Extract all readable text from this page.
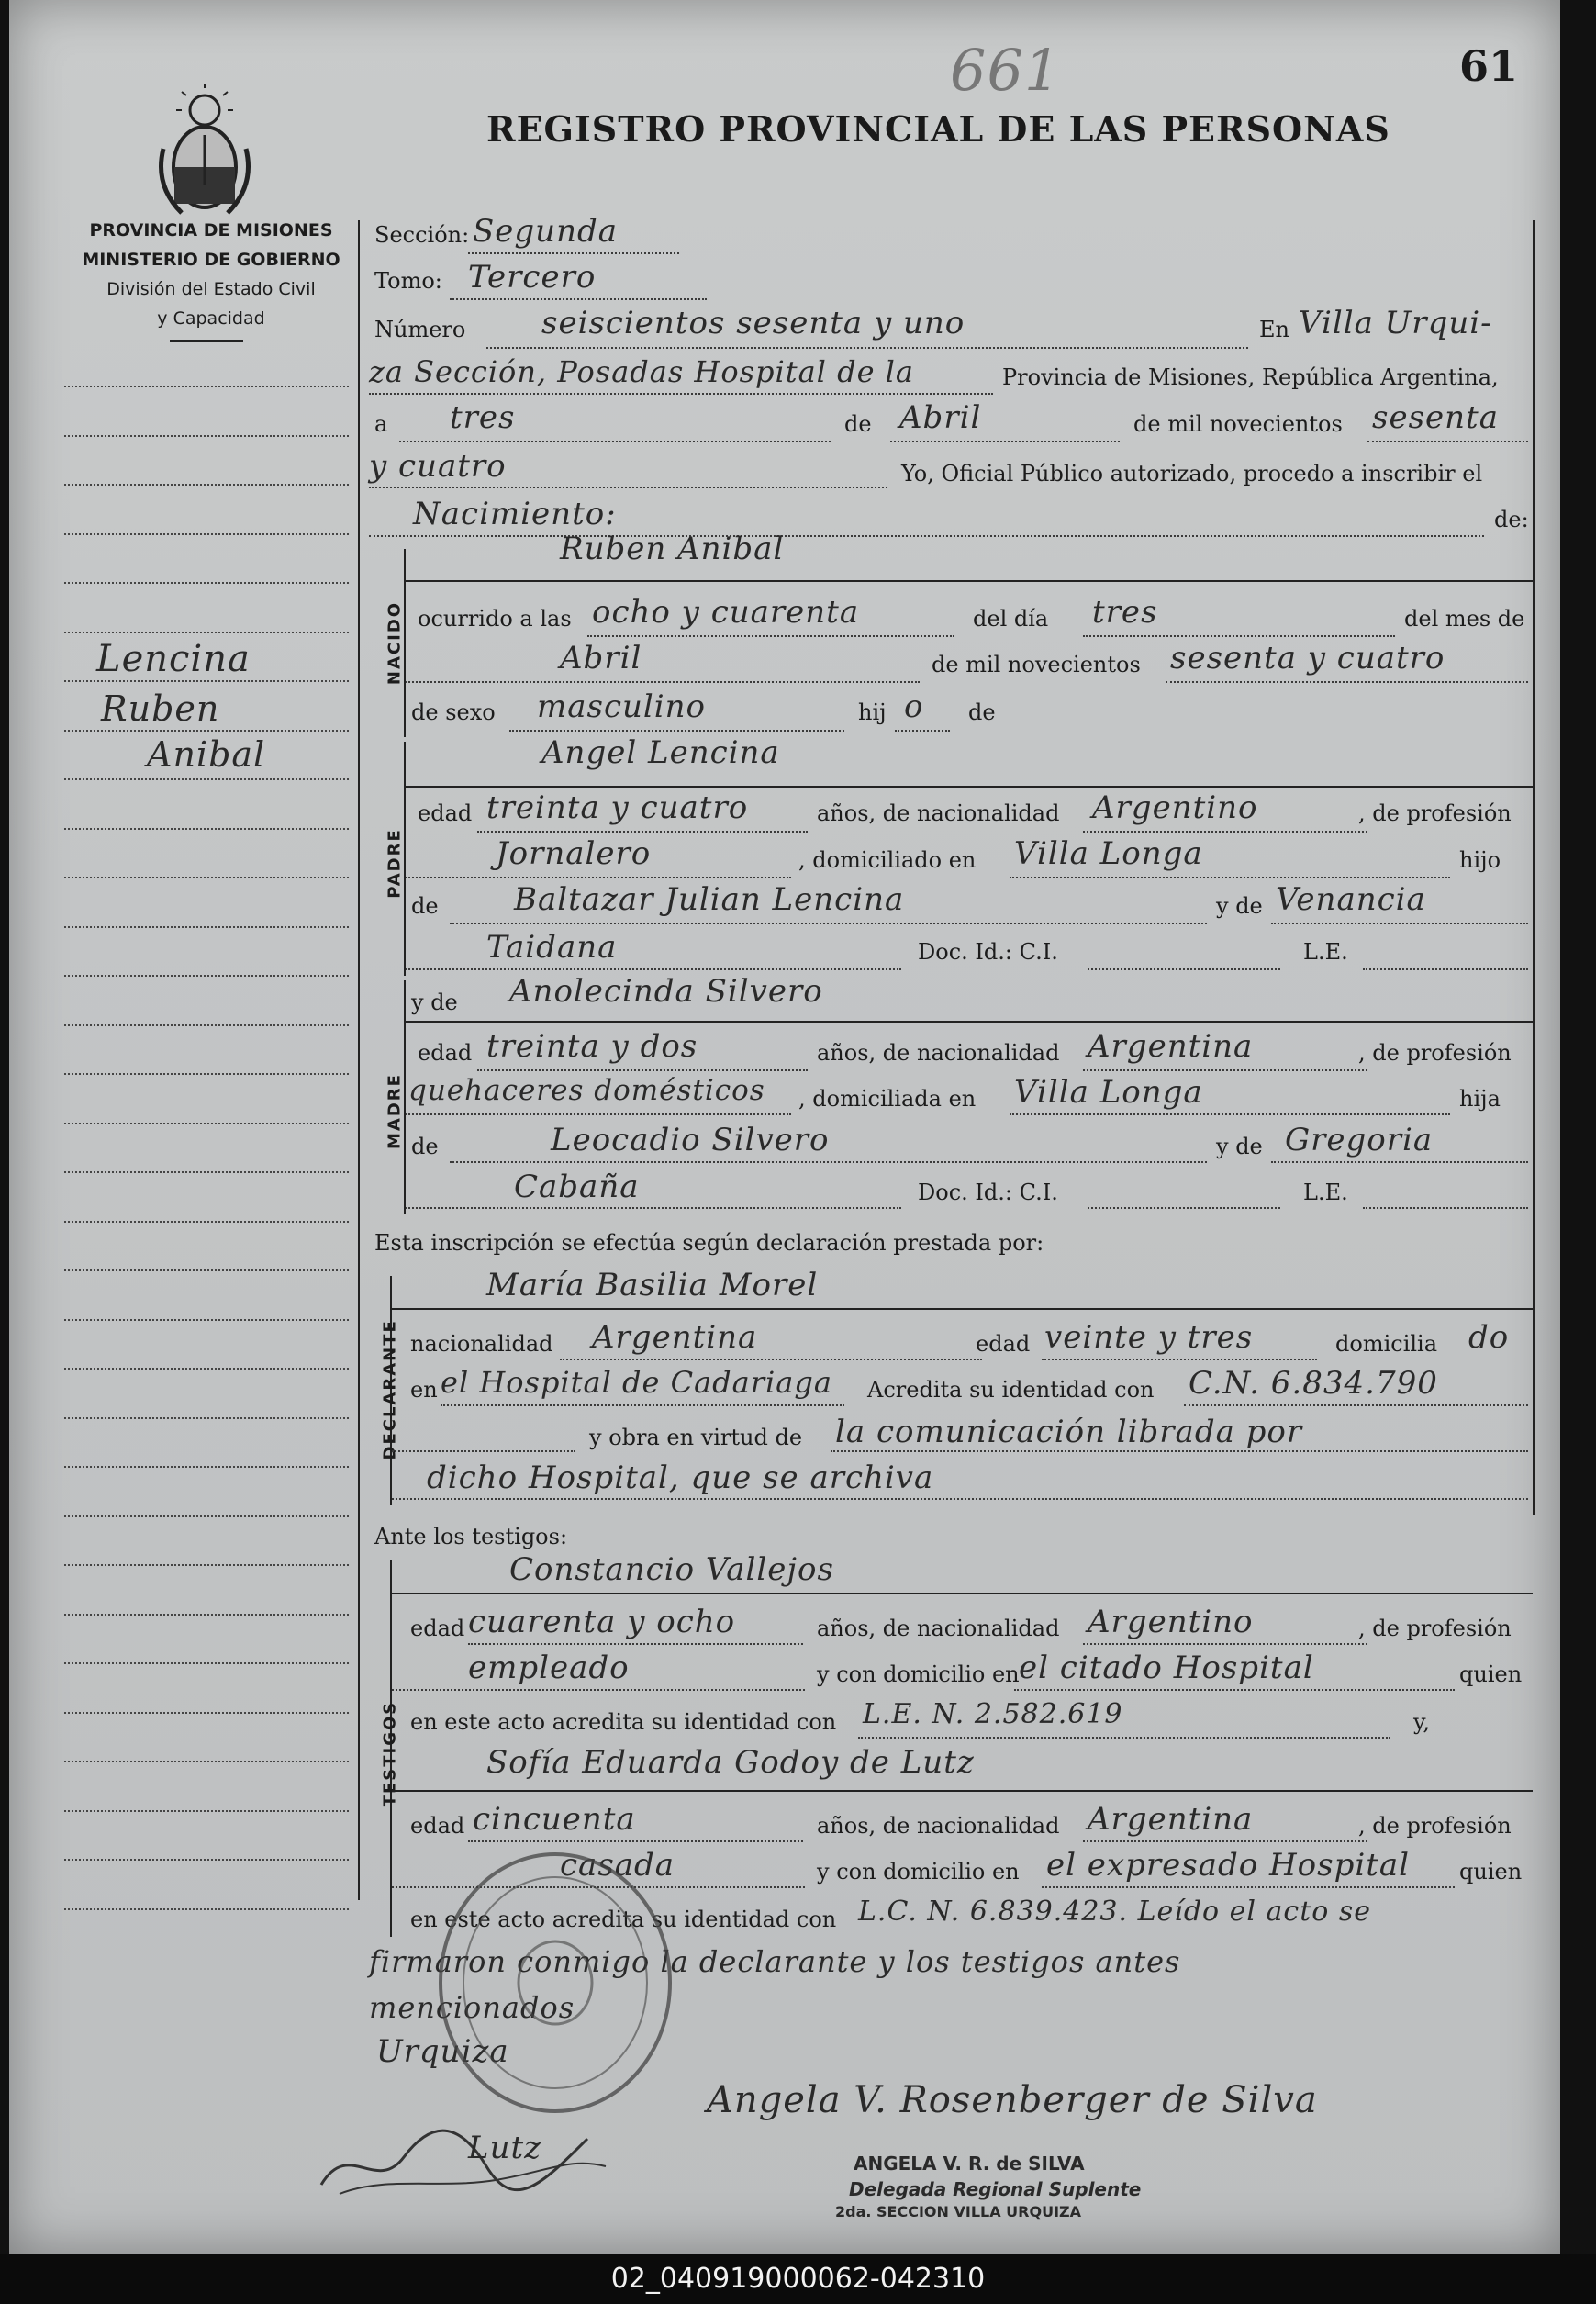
661	61
REGISTRO PROVINCIAL DE LAS PERSONAS
PROVINCIA DE MISIONES
MINISTERIO DE GOBIERNO
División del Estado Civil
y Capacidad
Lencina
Ruben
Anibal
Sección: Segunda
Tomo: Tercero
Número seiscientos sesenta y uno	En Villa Urqui-
za Sección, Posadas Hospital de la	Provincia de Misiones, República Argentina,
a tres	de Abril	de mil novecientos sesenta
y cuatro	Yo, Oficial Público autorizado, procedo a inscribir el
Nacimiento:	de:
NACIDO
Ruben Anibal
ocurrido a las ocho y cuarenta	del día tres	del mes de
Abril	de mil novecientos sesenta y cuatro
de sexo masculino	hij o de
PADRE
Angel Lencina
edad treinta y cuatro	años, de nacionalidad Argentino	, de profesión
Jornalero	, domiciliado en Villa Longa	hijo
de Baltazar Julian Lencina	y de Venancia
Taidana	Doc. Id.: C.I.	L.E.
MADRE
y de Anolecinda Silvero
edad treinta y dos	años, de nacionalidad Argentina	, de profesión
quehaceres domésticos , domiciliada en Villa Longa	hija
de	Leocadio Silvero	y de Gregoria
Cabaña	Doc. Id.: C.I.	L.E.
Esta inscripción se efectúa según declaración prestada por:
DECLARANTE
María Basilia Morel
nacionalidad Argentina	edad veinte y tres	domicilia do
en el Hospital de Cadariaga Acredita su identidad con C.N. 6.834.790
y obra en virtud de la comunicación librada por
dicho Hospital, que se archiva
Ante los testigos:
TESTIGOS
Constancio Vallejos
edad cuarenta y ocho	años, de nacionalidad Argentino	, de profesión
empleado	y con domicilio en el citado Hospital	quien
en este acto acredita su identidad con L.E. N. 2.582.619	y,
Sofía Eduarda Godoy de Lutz
edad cincuenta	años, de nacionalidad Argentina	, de profesión
casada	y con domicilio en el expresado Hospital quien
en este acto acredita su identidad con L.C. N. 6.839.423. Leído el acto se
firmaron conmigo la declarante y los testigos antes
mencionados
Urquiza
Angela V. Rosenberger de Silva
Lutz	ANGELA V. R. de SILVA
Delegada Regional Suplente
2da. SECCION VILLA URQUIZA
02_040919000062-042310
